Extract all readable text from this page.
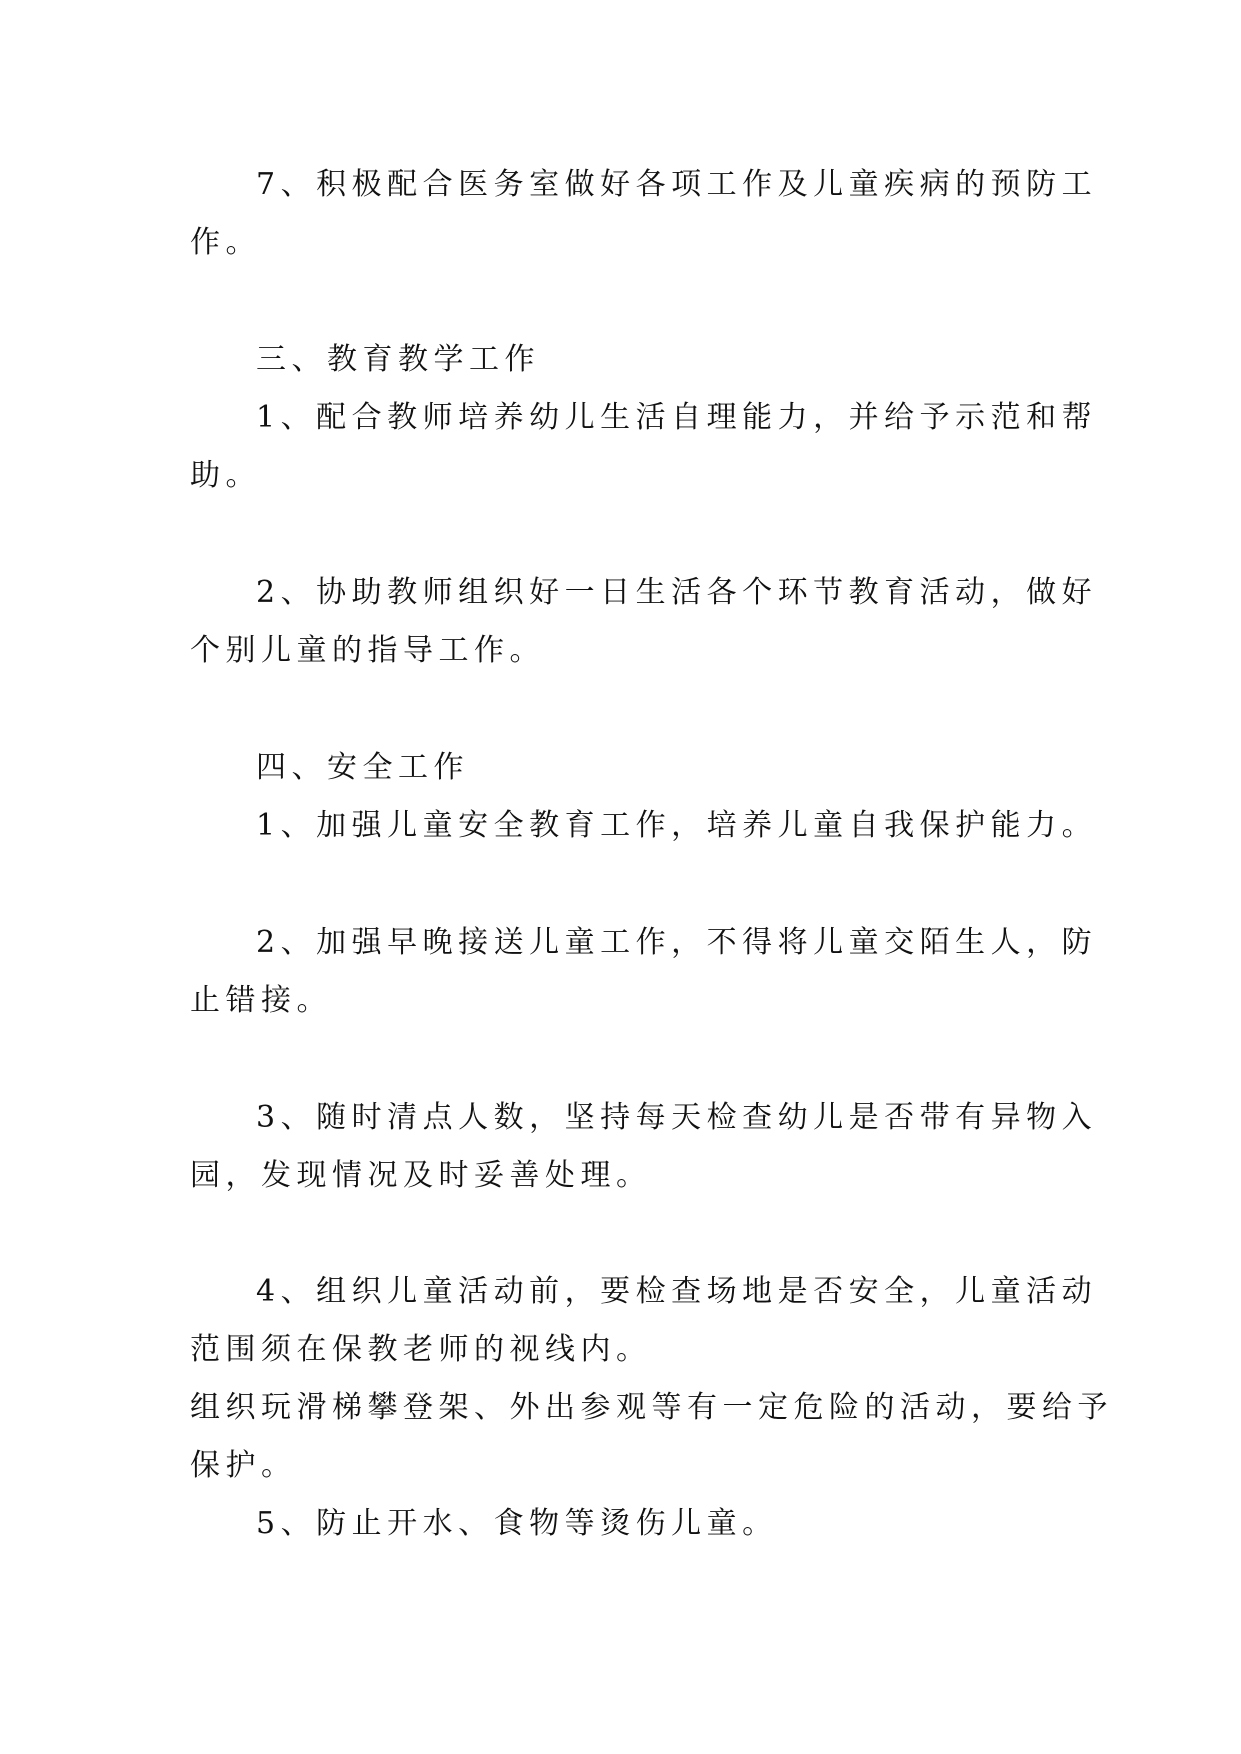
7、积极配合医务室做好各项工作及儿童疾病的预防工
作。
三、教育教学工作
1、配合教师培养幼儿生活自理能力，并给予示范和帮
助。
2、协助教师组织好一日生活各个环节教育活动，做好
个别儿童的指导工作。
四、安全工作
1、加强儿童安全教育工作，培养儿童自我保护能力。
2、加强早晚接送儿童工作，不得将儿童交陌生人，防
止错接。
3、随时清点人数，坚持每天检查幼儿是否带有异物入
园，发现情况及时妥善处理。
4、组织儿童活动前，要检查场地是否安全，儿童活动
范围须在保教老师的视线内。
组织玩滑梯攀登架、外出参观等有一定危险的活动，要给予
保护。
5、防止开水、食物等烫伤儿童。
